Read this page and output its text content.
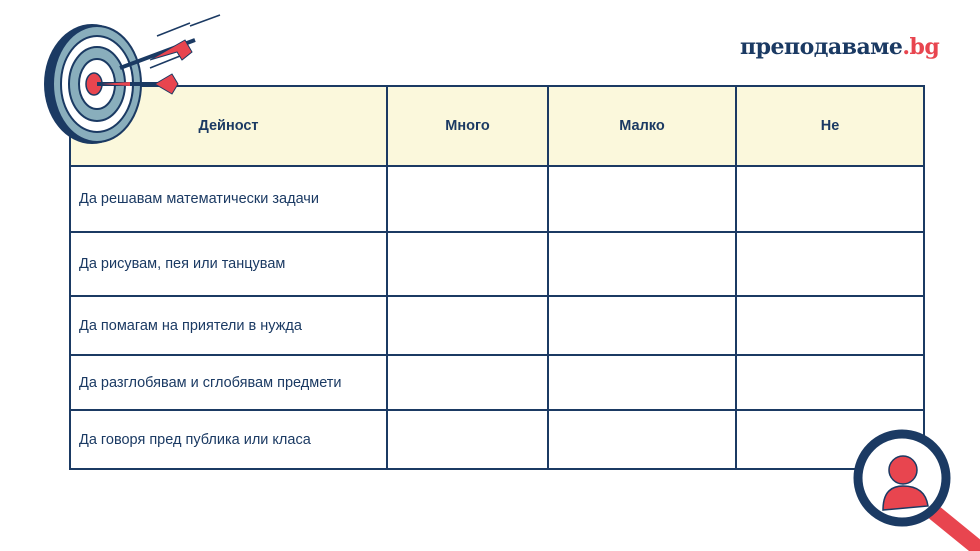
преподаваме.bg
Дейност	Много	Малко	Не
Да решавам математически задачи			
Да рисувам, пея или танцувам			
Да помагам на приятели в нужда			
Да разглобявам и сглобявам предмети			
Да говоря пред публика или класа			
